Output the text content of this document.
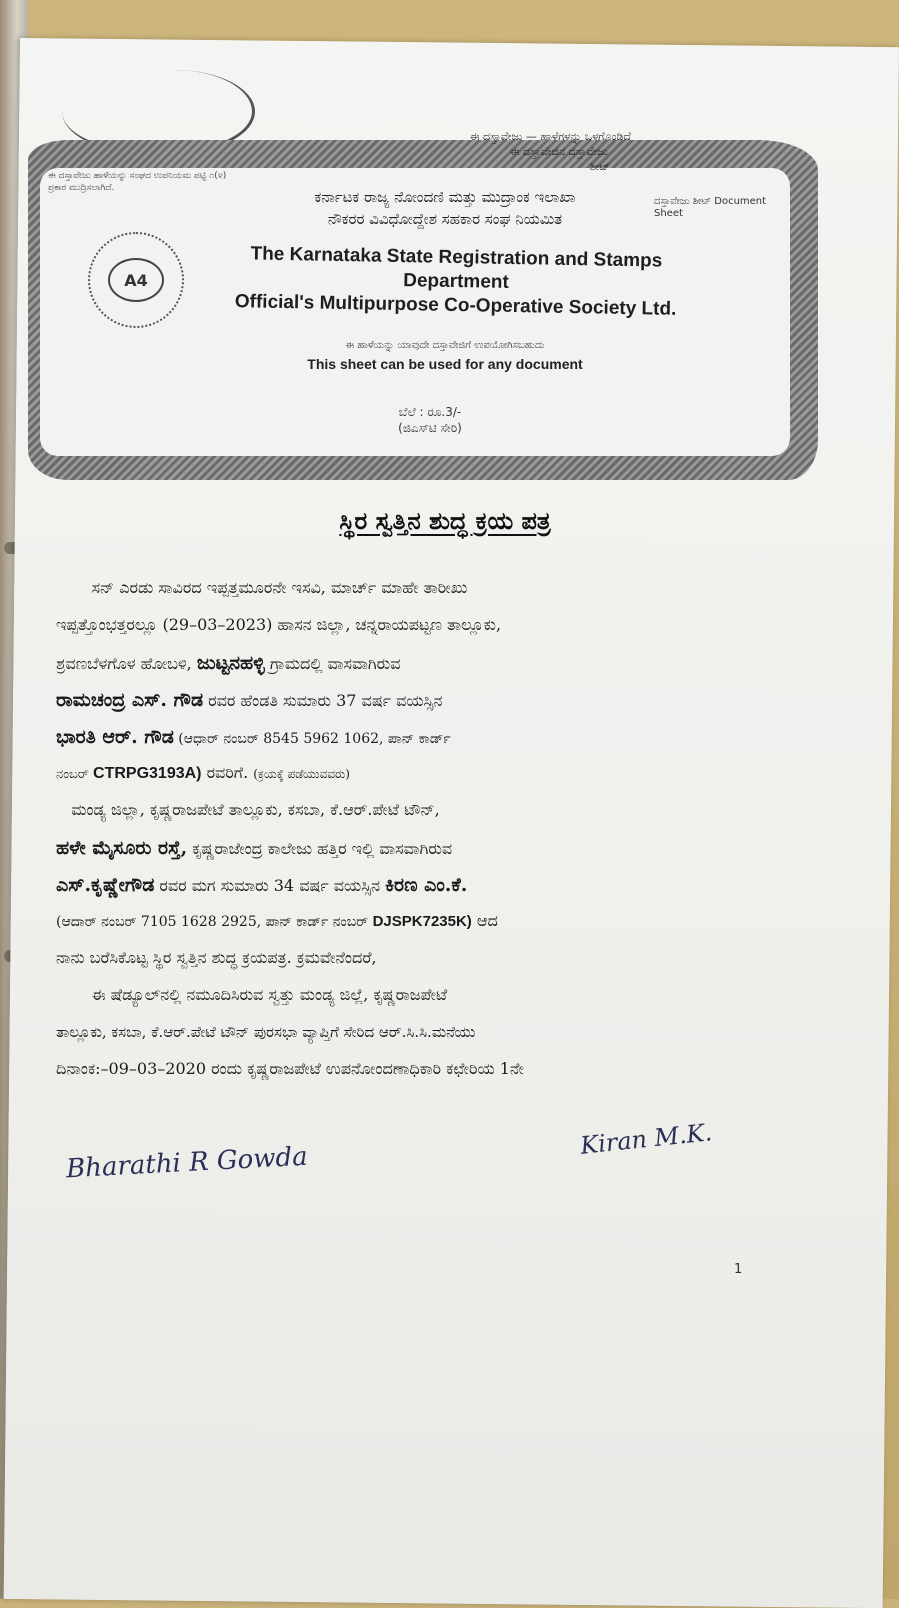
ಈ ದಸ್ತಾವೇಜು ಹಾಳೆಯನ್ನು ಸಂಘದ ಉಪನಿಯಮ ಪಟ್ಟಿ ೧(೪) ಪ್ರಕಾರ ಮುದ್ರಿಸಲಾಗಿದೆ.
ಈ ದಸ್ತಾವೇಜು — ಹಾಳೆಗಳನ್ನು ಒಳಗೊಂಡಿದೆ
ಈ ದಸ್ತಾವೇಜಿನ ದಸ್ತಾವೇಜು
ಶೀಟ್
ದಸ್ತಾವೇಜು ಶೀಟ್ Document Sheet
A4
ಕರ್ನಾಟಕ ರಾಜ್ಯ ನೋಂದಣಿ ಮತ್ತು ಮುದ್ರಾಂಕ ಇಲಾಖಾ
ನೌಕರರ ವಿವಿಧೋದ್ದೇಶ ಸಹಕಾರ ಸಂಘ ನಿಯಮಿತ
The Karnataka State Registration and Stamps Department
Official's Multipurpose Co-Operative Society Ltd.
ಈ ಹಾಳೆಯನ್ನು ಯಾವುದೇ ದಸ್ತಾವೇಜಿಗೆ ಉಪಯೋಗಿಸಬಹುದು
This sheet can be used for any document
ಬೆಲೆ : ರೂ.3/-
(ಜಿಎಸ್‌ಟಿ ಸೇರಿ)
ಸ್ಥಿರ ಸ್ವತ್ತಿನ ಶುದ್ಧ ಕ್ರಯ ಪತ್ರ
ಸನ್ ಎರಡು ಸಾವಿರದ ಇಪ್ಪತ್ತಮೂರನೇ ಇಸವಿ, ಮಾರ್ಚ್ ಮಾಹೇ ತಾರೀಖು
ಇಪ್ಪತ್ತೊಂಭತ್ತರಲ್ಲೂ (29–03–2023) ಹಾಸನ ಜಿಲ್ಲಾ, ಚನ್ನರಾಯಪಟ್ಟಣ ತಾಲ್ಲೂಕು,
ಶ್ರವಣಬೆಳಗೊಳ ಹೋಬಳಿ, ಜುಟ್ಟನಹಳ್ಳಿ ಗ್ರಾಮದಲ್ಲಿ ವಾಸವಾಗಿರುವ
ರಾಮಚಂದ್ರ ಎಸ್. ಗೌಡ ರವರ ಹೆಂಡತಿ ಸುಮಾರು 37 ವರ್ಷ ವಯಸ್ಸಿನ
ಭಾರತಿ ಆರ್. ಗೌಡ (ಆಧಾರ್ ನಂಬರ್ 8545 5962 1062, ಪಾನ್ ಕಾರ್ಡ್
ನಂಬರ್ CTRPG3193A) ರವರಿಗೆ. (ಕ್ರಯಕ್ಕೆ ಪಡೆಯುವವರು)
ಮಂಡ್ಯ ಜಿಲ್ಲಾ, ಕೃಷ್ಣರಾಜಪೇಟೆ ತಾಲ್ಲೂಕು, ಕಸಬಾ, ಕೆ.ಆರ್.ಪೇಟೆ ಟೌನ್,
ಹಳೇ ಮೈಸೂರು ರಸ್ತೆ, ಕೃಷ್ಣರಾಜೇಂದ್ರ ಕಾಲೇಜು ಹತ್ತಿರ ಇಲ್ಲಿ ವಾಸವಾಗಿರುವ
ಎಸ್.ಕೃಷ್ಣೇಗೌಡ ರವರ ಮಗ ಸುಮಾರು 34 ವರ್ಷ ವಯಸ್ಸಿನ ಕಿರಣ ಎಂ.ಕೆ.
(ಆದಾರ್ ನಂಬರ್ 7105 1628 2925, ಪಾನ್ ಕಾರ್ಡ್ ನಂಬರ್ DJSPK7235K) ಆದ
ನಾನು ಬರೆಸಿಕೊಟ್ಟ ಸ್ಥಿರ ಸ್ವತ್ತಿನ ಶುದ್ಧ ಕ್ರಯಪತ್ರ. ಕ್ರಮವೇನೆಂದರೆ,
ಈ ಷೆಡ್ಯೂಲ್‌ನಲ್ಲಿ ನಮೂದಿಸಿರುವ ಸ್ವತ್ತು ಮಂಡ್ಯ ಜಿಲ್ಲೆ, ಕೃಷ್ಣರಾಜಪೇಟೆ
ತಾಲ್ಲೂಕು, ಕಸಬಾ, ಕೆ.ಆರ್.ಪೇಟೆ ಟೌನ್ ಪುರಸಭಾ ವ್ಯಾಪ್ತಿಗೆ ಸೇರಿದ ಆರ್.ಸಿ.ಸಿ.ಮನೆಯು
ದಿನಾಂಕ:–09–03–2020 ರಂದು ಕೃಷ್ಣರಾಜಪೇಟೆ ಉಪನೋಂದಣಾಧಿಕಾರಿ ಕಛೇರಿಯ 1ನೇ
Bharathi R Gowda
Kiran M.K.
1
